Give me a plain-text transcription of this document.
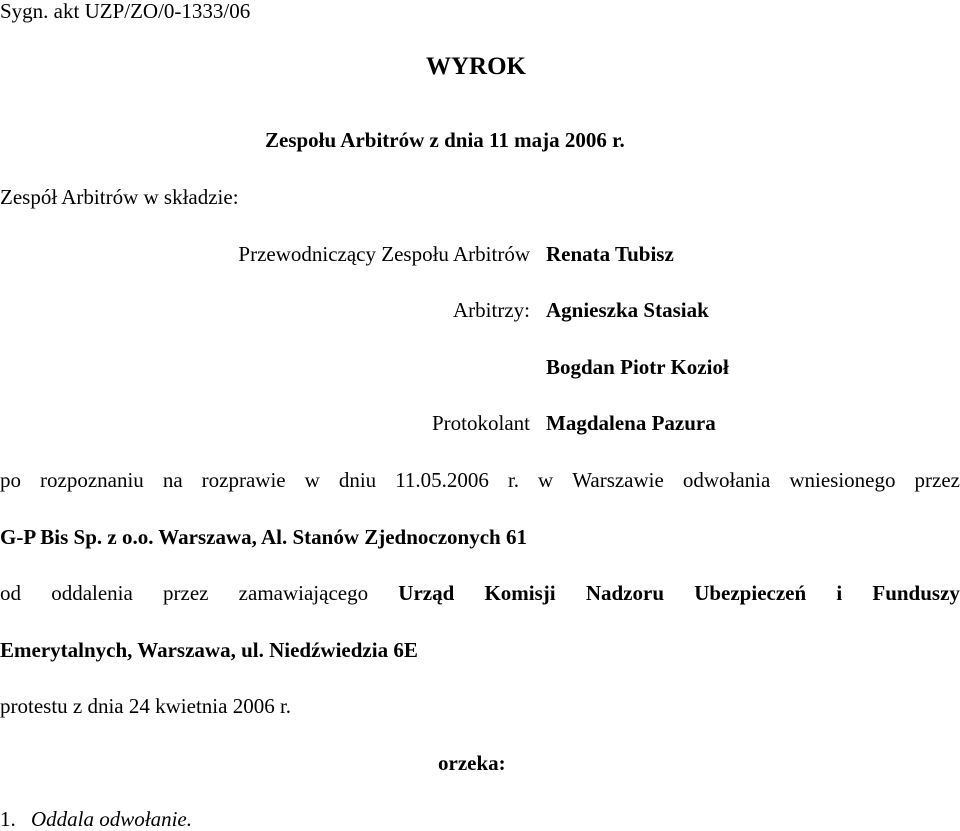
Sygn. akt UZP/ZO/0-1333/06
WYROK
Zespołu Arbitrów z dnia 11 maja 2006 r.
Zespół Arbitrów w składzie:
Przewodniczący Zespołu Arbitrów Renata Tubisz
Arbitrzy: Agnieszka Stasiak
Bogdan Piotr Kozioł
Protokolant Magdalena Pazura
po rozpoznaniu na rozprawie w dniu 11.05.2006 r. w Warszawie odwołania wniesionego przez
G-P Bis Sp. z o.o. Warszawa, Al. Stanów Zjednoczonych 61
od oddalenia przez zamawiającego Urząd Komisji Nadzoru Ubezpieczeń i Funduszy
Emerytalnych, Warszawa, ul. Niedźwiedzia 6E
protestu z dnia 24 kwietnia 2006 r.
orzeka:
1. Oddala odwołanie.
